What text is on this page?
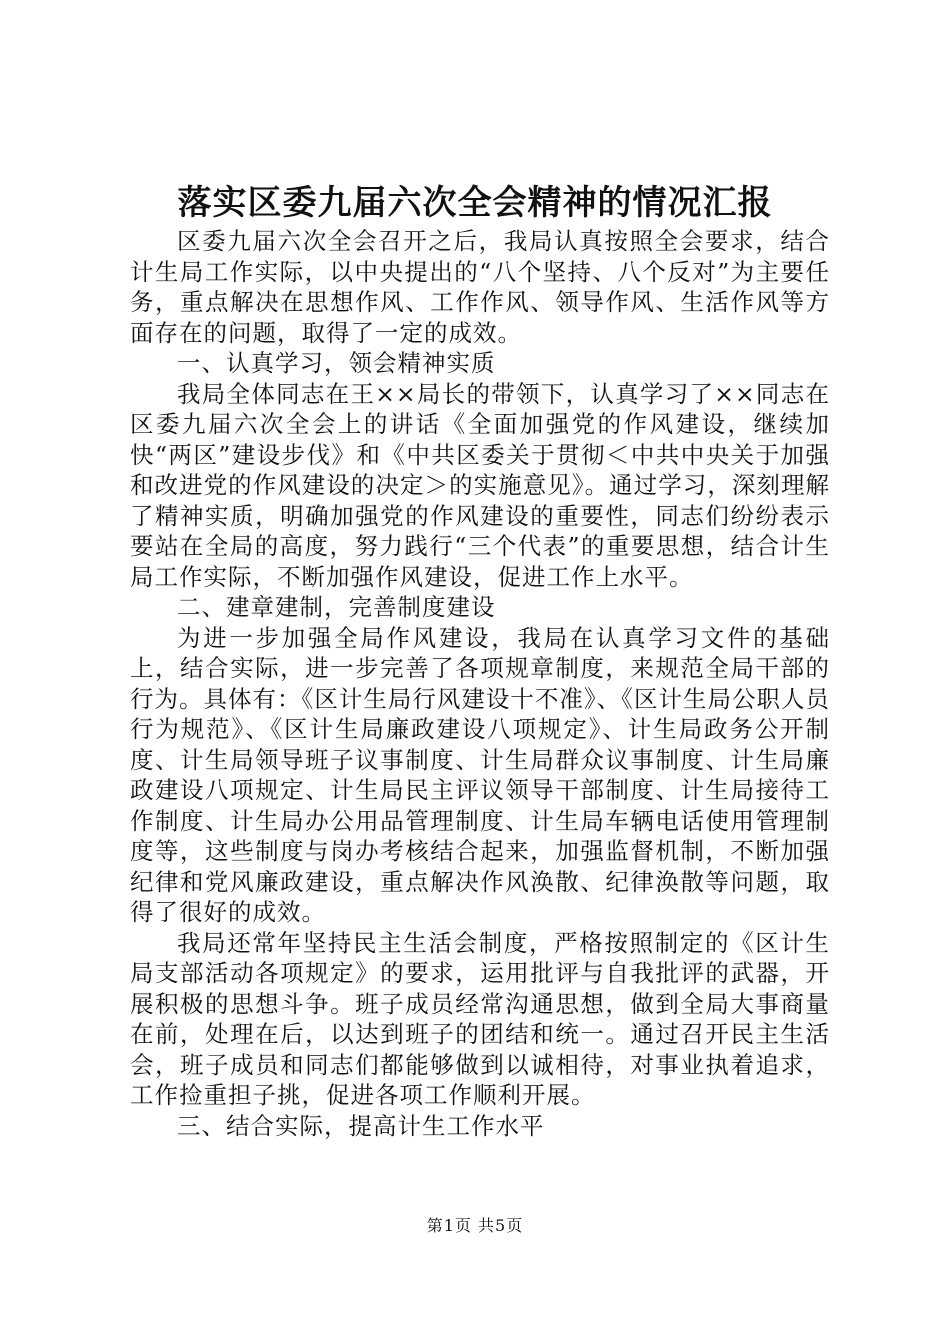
落实区委九届六次全会精神的情况汇报

区委九届六次全会召开之后，我局认真按照全会要求，结合计生局工作实际，以中央提出的“八个坚持、八个反对”为主要任务，重点解决在思想作风、工作作风、领导作风、生活作风等方面存在的问题，取得了一定的成效。

一、认真学习，领会精神实质

我局全体同志在王××局长的带领下，认真学习了××同志在区委九届六次全会上的讲话《全面加强党的作风建设，继续加快“两区”建设步伐》和《中共区委关于贯彻＜中共中央关于加强和改进党的作风建设的决定＞的实施意见》。通过学习，深刻理解了精神实质，明确加强党的作风建设的重要性，同志们纷纷表示要站在全局的高度，努力践行“三个代表”的重要思想，结合计生局工作实际，不断加强作风建设，促进工作上水平。

二、建章建制，完善制度建设

为进一步加强全局作风建设，我局在认真学习文件的基础上，结合实际，进一步完善了各项规章制度，来规范全局干部的行为。具体有：《区计生局行风建设十不准》、《区计生局公职人员行为规范》、《区计生局廉政建设八项规定》、计生局政务公开制度、计生局领导班子议事制度、计生局群众议事制度、计生局廉政建设八项规定、计生局民主评议领导干部制度、计生局接待工作制度、计生局办公用品管理制度、计生局车辆电话使用管理制度等，这些制度与岗办考核结合起来，加强监督机制，不断加强纪律和党风廉政建设，重点解决作风涣散、纪律涣散等问题，取得了很好的成效。

我局还常年坚持民主生活会制度，严格按照制定的《区计生局支部活动各项规定》的要求，运用批评与自我批评的武器，开展积极的思想斗争。班子成员经常沟通思想，做到全局大事商量在前，处理在后，以达到班子的团结和统一。通过召开民主生活会，班子成员和同志们都能够做到以诚相待，对事业执着追求，工作捡重担子挑，促进各项工作顺利开展。

三、结合实际，提高计生工作水平

第1页 共5页
